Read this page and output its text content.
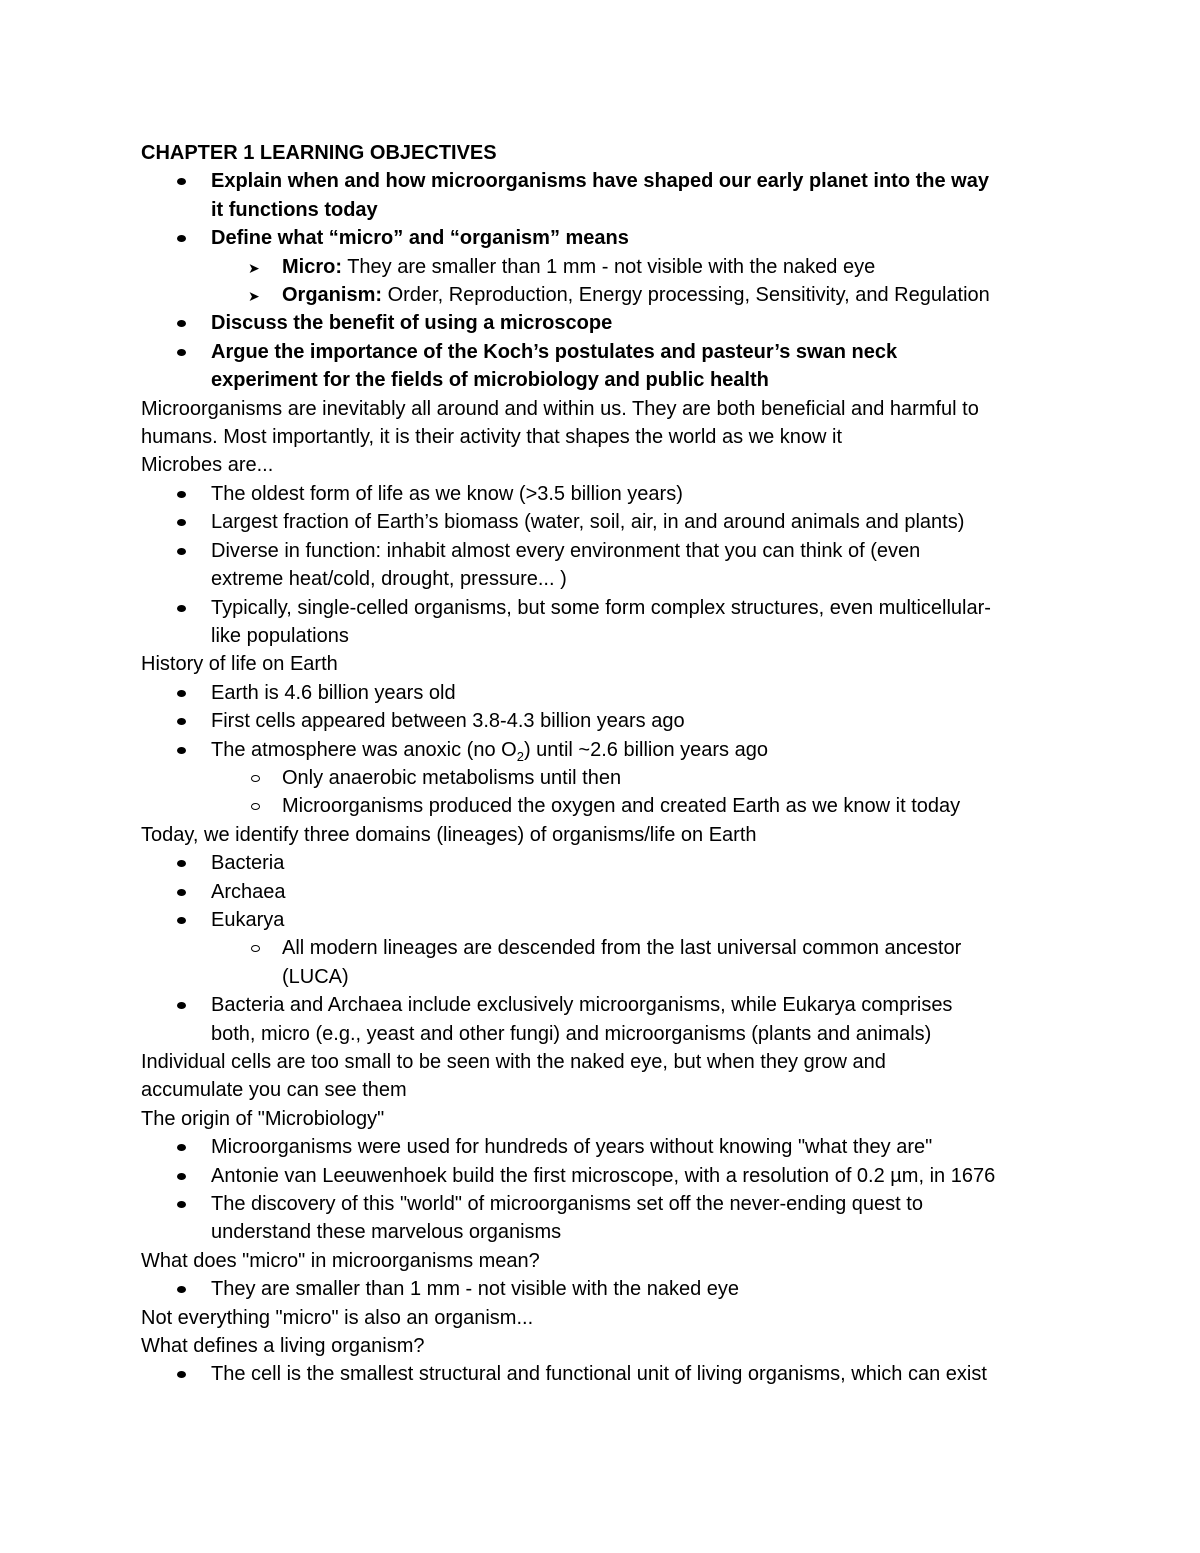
CHAPTER 1 LEARNING OBJECTIVES
Explain when and how microorganisms have shaped our early planet into the way
it functions today
Define what “micro” and “organism” means
➤ Micro: They are smaller than 1 mm - not visible with the naked eye
➤ Organism: Order, Reproduction, Energy processing, Sensitivity, and Regulation
Discuss the benefit of using a microscope
Argue the importance of the Koch’s postulates and pasteur’s swan neck
experiment for the fields of microbiology and public health
Microorganisms are inevitably all around and within us. They are both beneficial and harmful to
humans. Most importantly, it is their activity that shapes the world as we know it
Microbes are...
The oldest form of life as we know (>3.5 billion years)
Largest fraction of Earth’s biomass (water, soil, air, in and around animals and plants)
Diverse in function: inhabit almost every environment that you can think of (even
extreme heat/cold, drought, pressure... )
Typically, single-celled organisms, but some form complex structures, even multicellular-
like populations
History of life on Earth
Earth is 4.6 billion years old
First cells appeared between 3.8-4.3 billion years ago
The atmosphere was anoxic (no $O_2$) until ~2.6 billion years ago
Only anaerobic metabolisms until then
Microorganisms produced the oxygen and created Earth as we know it today
Today, we identify three domains (lineages) of organisms/life on Earth
Bacteria
Archaea
Eukarya
All modern lineages are descended from the last universal common ancestor
(LUCA)
Bacteria and Archaea include exclusively microorganisms, while Eukarya comprises
both, micro (e.g., yeast and other fungi) and microorganisms (plants and animals)
Individual cells are too small to be seen with the naked eye, but when they grow and
accumulate you can see them
The origin of "Microbiology"
Microorganisms were used for hundreds of years without knowing "what they are"
Antonie van Leeuwenhoek build the first microscope, with a resolution of 0.2 µm, in 1676
The discovery of this "world" of microorganisms set off the never-ending quest to
understand these marvelous organisms
What does "micro" in microorganisms mean?
They are smaller than 1 mm - not visible with the naked eye
Not everything "micro" is also an organism...
What defines a living organism?
The cell is the smallest structural and functional unit of living organisms, which can exist
